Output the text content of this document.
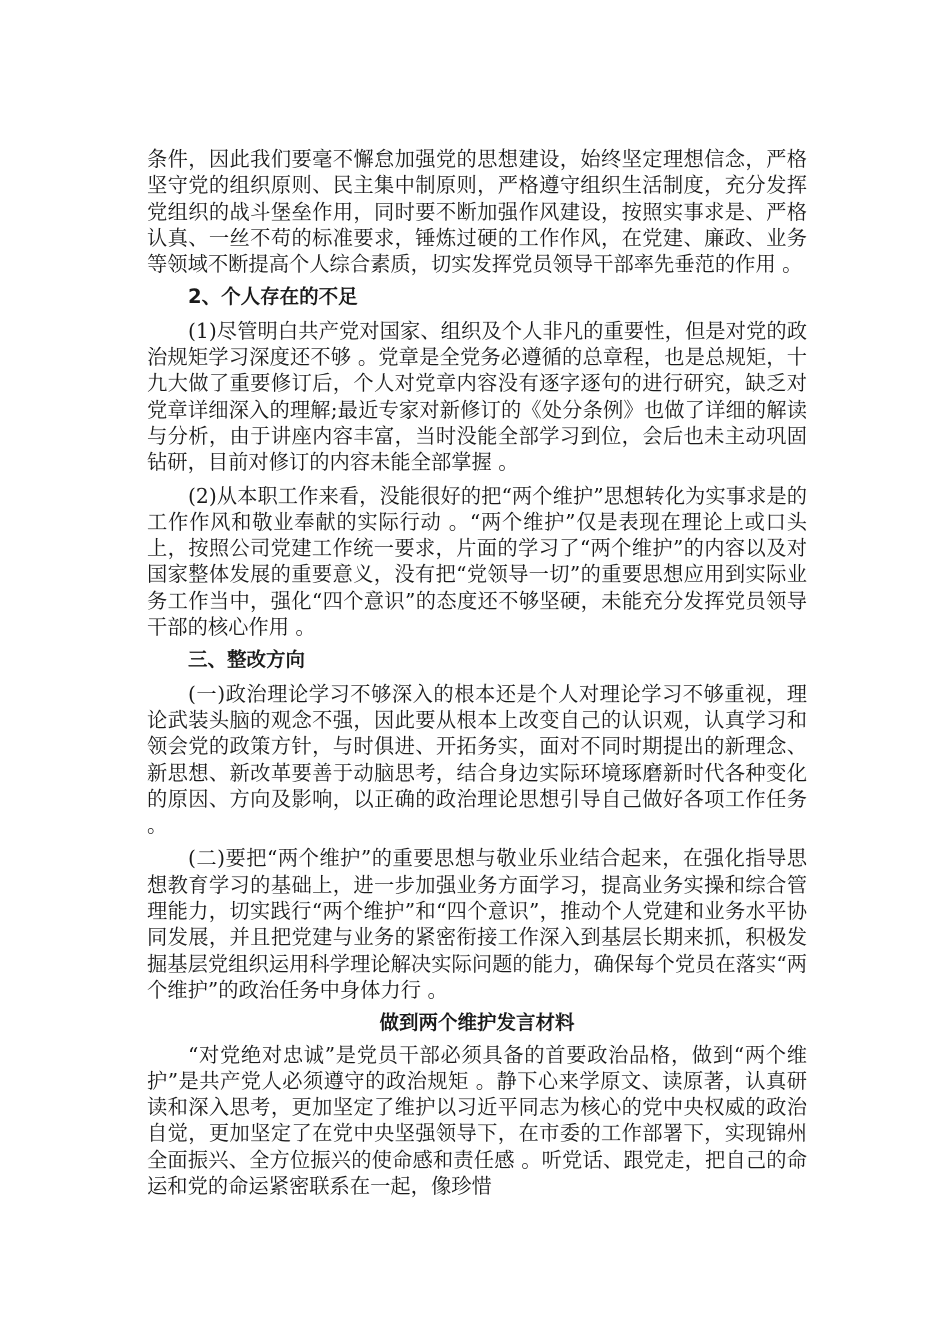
条件，因此我们要毫不懈怠加强党的思想建设，始终坚定理想信念，严格坚守党的组织原则、民主集中制原则，严格遵守组织生活制度，充分发挥党组织的战斗堡垒作用，同时要不断加强作风建设，按照实事求是、严格认真、一丝不苟的标准要求，锤炼过硬的工作作风，在党建、廉政、业务等领域不断提高个人综合素质，切实发挥党员领导干部率先垂范的作用 。

2、个人存在的不足

(1)尽管明白共产党对国家、组织及个人非凡的重要性，但是对党的政治规矩学习深度还不够 。党章是全党务必遵循的总章程，也是总规矩，十九大做了重要修订后，个人对党章内容没有逐字逐句的进行研究，缺乏对党章详细深入的理解;最近专家对新修订的《处分条例》也做了详细的解读与分析，由于讲座内容丰富，当时没能全部学习到位，会后也未主动巩固钻研，目前对修订的内容未能全部掌握 。

(2)从本职工作来看，没能很好的把“两个维护”思想转化为实事求是的工作作风和敬业奉献的实际行动 。“两个维护”仅是表现在理论上或口头上，按照公司党建工作统一要求，片面的学习了“两个维护”的内容以及对国家整体发展的重要意义，没有把“党领导一切”的重要思想应用到实际业务工作当中，强化“四个意识”的态度还不够坚硬，未能充分发挥党员领导干部的核心作用 。

三、整改方向

(一)政治理论学习不够深入的根本还是个人对理论学习不够重视，理论武装头脑的观念不强，因此要从根本上改变自己的认识观，认真学习和领会党的政策方针，与时俱进、开拓务实，面对不同时期提出的新理念、新思想、新改革要善于动脑思考，结合身边实际环境琢磨新时代各种变化的原因、方向及影响，以正确的政治理论思想引导自己做好各项工作任务 。

(二)要把“两个维护”的重要思想与敬业乐业结合起来，在强化指导思想教育学习的基础上，进一步加强业务方面学习，提高业务实操和综合管理能力，切实践行“两个维护”和“四个意识”，推动个人党建和业务水平协同发展，并且把党建与业务的紧密衔接工作深入到基层长期来抓，积极发掘基层党组织运用科学理论解决实际问题的能力，确保每个党员在落实“两个维护”的政治任务中身体力行 。

做到两个维护发言材料

“对党绝对忠诚”是党员干部必须具备的首要政治品格，做到“两个维护”是共产党人必须遵守的政治规矩 。静下心来学原文、读原著，认真研读和深入思考，更加坚定了维护以习近平同志为核心的党中央权威的政治自觉，更加坚定了在党中央坚强领导下，在市委的工作部署下，实现锦州全面振兴、全方位振兴的使命感和责任感 。听党话、跟党走，把自己的命运和党的命运紧密联系在一起，像珍惜
